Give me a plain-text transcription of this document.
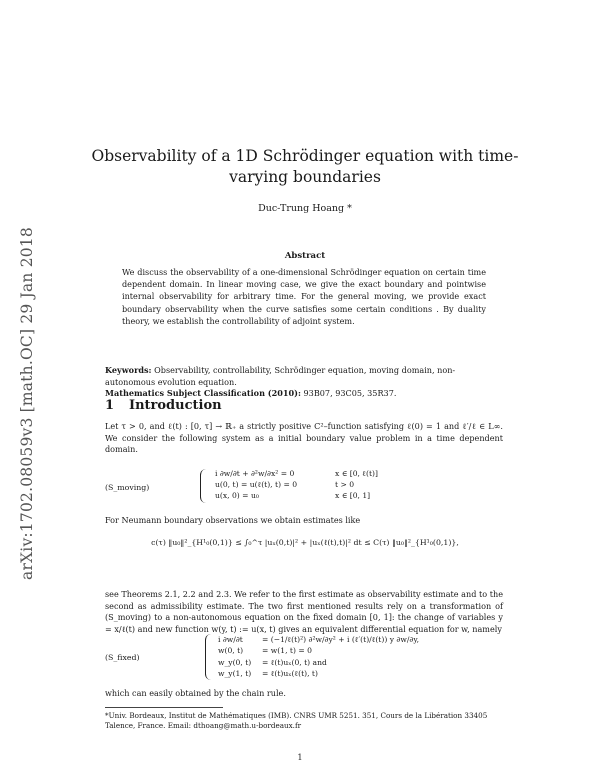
arXiv:1702.08059v3 [math.OC] 29 Jan 2018
Observability of a 1D Schrödinger equation with time-varying boundaries
Duc-Trung Hoang *
Abstract
We discuss the observability of a one-dimensional Schrödinger equation on certain time dependent domain. In linear moving case, we give the exact boundary and pointwise internal observability for arbitrary time. For the general moving, we provide exact boundary observability when the curve satisfies some certain conditions . By duality theory, we establish the controllability of adjoint system.
Keywords: Observability, controllability, Schrödinger equation, moving domain, non-autonomous evolution equation.
Mathematics Subject Classification (2010): 93B07, 93C05, 35R37.
1 Introduction
Let τ > 0, and ℓ(t) : [0, τ] → ℝ₊ a strictly positive C²–function satisfying ℓ(0) = 1 and ℓ′/ℓ ∈ L∞. We consider the following system as a initial boundary value problem in a time dependent domain.
(S_moving)
i ∂w/∂t + ∂²w/∂x² = 0	x ∈ [0, ℓ(t)]
u(0, t) = u(ℓ(t), t) = 0	t > 0
u(x, 0) = u₀	x ∈ [0, 1]
For Neumann boundary observations we obtain estimates like
c(τ) ‖u₀‖²_{H¹₀(0,1)} ≤ ∫₀^τ |uₓ(0,t)|² + |uₓ(ℓ(t),t)|² dt ≤ C(τ) ‖u₀‖²_{H¹₀(0,1)},
see Theorems 2.1, 2.2 and 2.3. We refer to the first estimate as observability estimate and to the second as admissibility estimate. The two first mentioned results rely on a transformation of (S_moving) to a non-autonomous equation on the fixed domain [0, 1]: the change of variables y = x/ℓ(t) and new function w(y, t) := u(x, t) gives an equivalent differential equation for w, namely
(S_fixed)
i ∂w/∂t	= (−1/ℓ(t)²) ∂²w/∂y² + i (ℓ′(t)/ℓ(t)) y ∂w/∂y,
w(0, t) = w(1, t) = 0
w_y(0, t) = ℓ(t)uₓ(0, t) and
w_y(1, t) = ℓ(t)uₓ(ℓ(t), t)
which can easily obtained by the chain rule.
*Univ. Bordeaux, Institut de Mathématiques (IMB). CNRS UMR 5251. 351, Cours de la Libération 33405 Talence, France. Email: dthoang@math.u-bordeaux.fr
1
